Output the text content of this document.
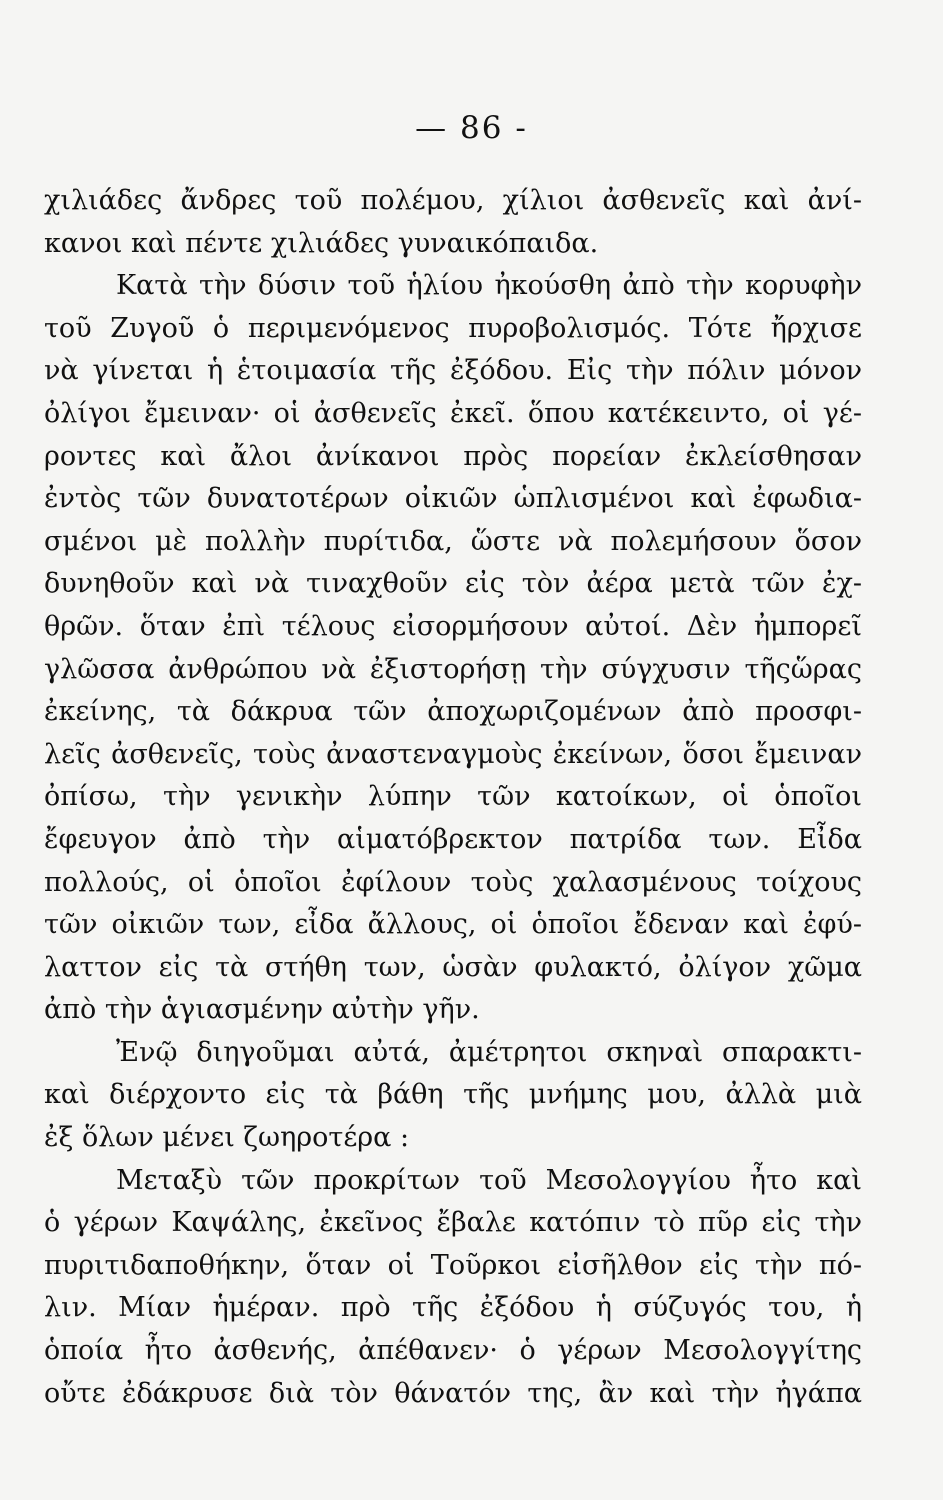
— 86 -
χιλιάδες ἄνδρες τοῦ πολέμου, χίλιοι ἀσθενεῖς καὶ ἀνί-
κανοι καὶ πέντε χιλιάδες γυναικόπαιδα.
Κατὰ τὴν δύσιν τοῦ ἡλίου ἠκούσθη ἀπὸ τὴν κορυφὴν
τοῦ Ζυγοῦ ὁ περιμενόμενος πυροβολισμός. Τότε ἤρχισε
νὰ γίνεται ἡ ἑτοιμασία τῆς ἐξόδου. Εἰς τὴν πόλιν μόνον
ὀλίγοι ἔμειναν· οἱ ἀσθενεῖς ἐκεῖ. ὅπου κατέκειντο, οἱ γέ-
ροντες καὶ ἄλοι ἀνίκανοι πρὸς πορείαν ἐκλείσθησαν
ἐντὸς τῶν δυνατοτέρων οἰκιῶν ὡπλισμένοι καὶ ἐφωδια-
σμένοι μὲ πολλὴν πυρίτιδα, ὥστε νὰ πολεμήσουν ὅσον
δυνηθοῦν καὶ νὰ τιναχθοῦν εἰς τὸν ἀέρα μετὰ τῶν ἐχ-
θρῶν. ὅταν ἐπὶ τέλους εἰσορμήσουν αὐτοί. Δὲν ἠμπορεῖ
γλῶσσα ἀνθρώπου νὰ ἐξιστορήσῃ τὴν σύγχυσιν τῆςὥρας
ἐκείνης, τὰ δάκρυα τῶν ἀποχωριζομένων ἀπὸ προσφι-
λεῖς ἀσθενεῖς, τοὺς ἀναστεναγμοὺς ἐκείνων, ὅσοι ἔμειναν
ὀπίσω, τὴν γενικὴν λύπην τῶν κατοίκων, οἱ ὁποῖοι
ἔφευγον ἀπὸ τὴν αἱματόβρεκτον πατρίδα των. Εἶδα
πολλούς, οἱ ὁποῖοι ἐφίλουν τοὺς χαλασμένους τοίχους
τῶν οἰκιῶν των, εἶδα ἄλλους, οἱ ὁποῖοι ἔδεναν καὶ ἐφύ-
λαττον εἰς τὰ στήθη των, ὡσὰν φυλακτό, ὀλίγον χῶμα
ἀπὸ τὴν ἁγιασμένην αὐτὴν γῆν.
Ἐνῷ διηγοῦμαι αὐτά, ἀμέτρητοι σκηναὶ σπαρακτι-
καὶ διέρχοντο εἰς τὰ βάθη τῆς μνήμης μου, ἀλλὰ μιὰ
ἐξ ὅλων μένει ζωηροτέρα :
Μεταξὺ τῶν προκρίτων τοῦ Μεσολογγίου ἦτο καὶ
ὁ γέρων Καψάλης, ἐκεῖνος ἔβαλε κατόπιν τὸ πῦρ εἰς τὴν
πυριτιδαποθήκην, ὅταν οἱ Τοῦρκοι εἰσῆλθον εἰς τὴν πό-
λιν. Μίαν ἡμέραν. πρὸ τῆς ἐξόδου ἡ σύζυγός του, ἡ
ὁποία ἦτο ἀσθενής, ἀπέθανεν· ὁ γέρων Μεσολογγίτης
οὔτε ἐδάκρυσε διὰ τὸν θάνατόν της, ἂν καὶ τὴν ἠγάπα
